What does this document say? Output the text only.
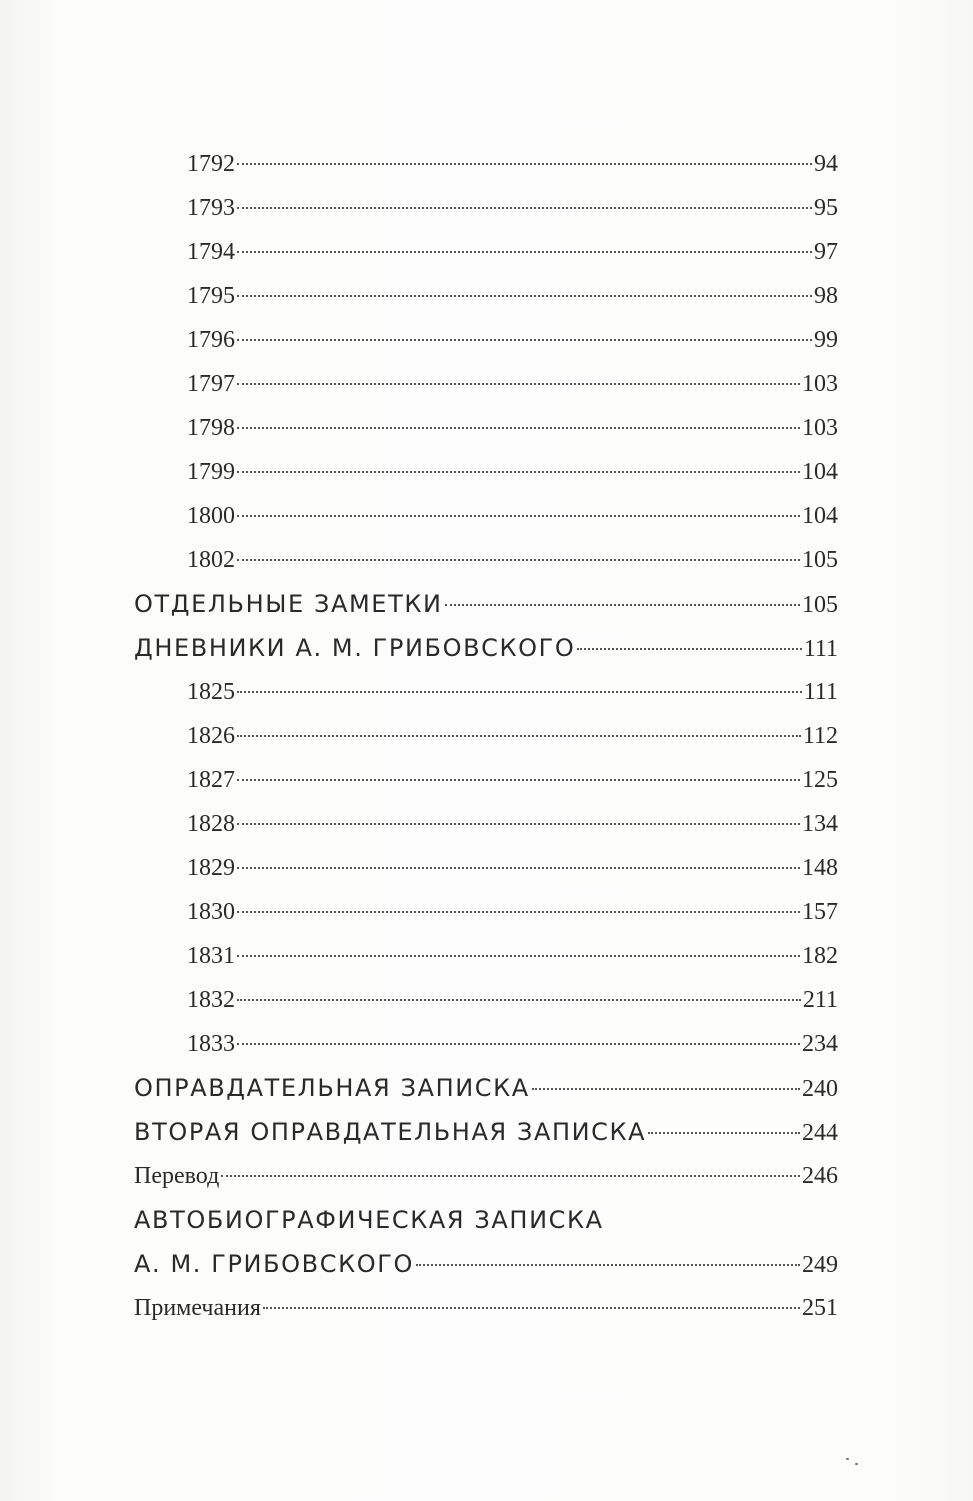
1792	94
1793	95
1794	97
1795	98
1796	99
1797	103
1798	103
1799	104
1800	104
1802	105
ОТДЕЛЬНЫЕ ЗАМЕТКИ	105
ДНЕВНИКИ А. М. ГРИБОВСКОГО	111
1825	111
1826	112
1827	125
1828	134
1829	148
1830	157
1831	182
1832	211
1833	234
ОПРАВДАТЕЛЬНАЯ ЗАПИСКА	240
ВТОРАЯ ОПРАВДАТЕЛЬНАЯ ЗАПИСКА	244
Перевод	246
АВТОБИОГРАФИЧЕСКАЯ ЗАПИСКА
А. М. ГРИБОВСКОГО	249
Примечания	251
